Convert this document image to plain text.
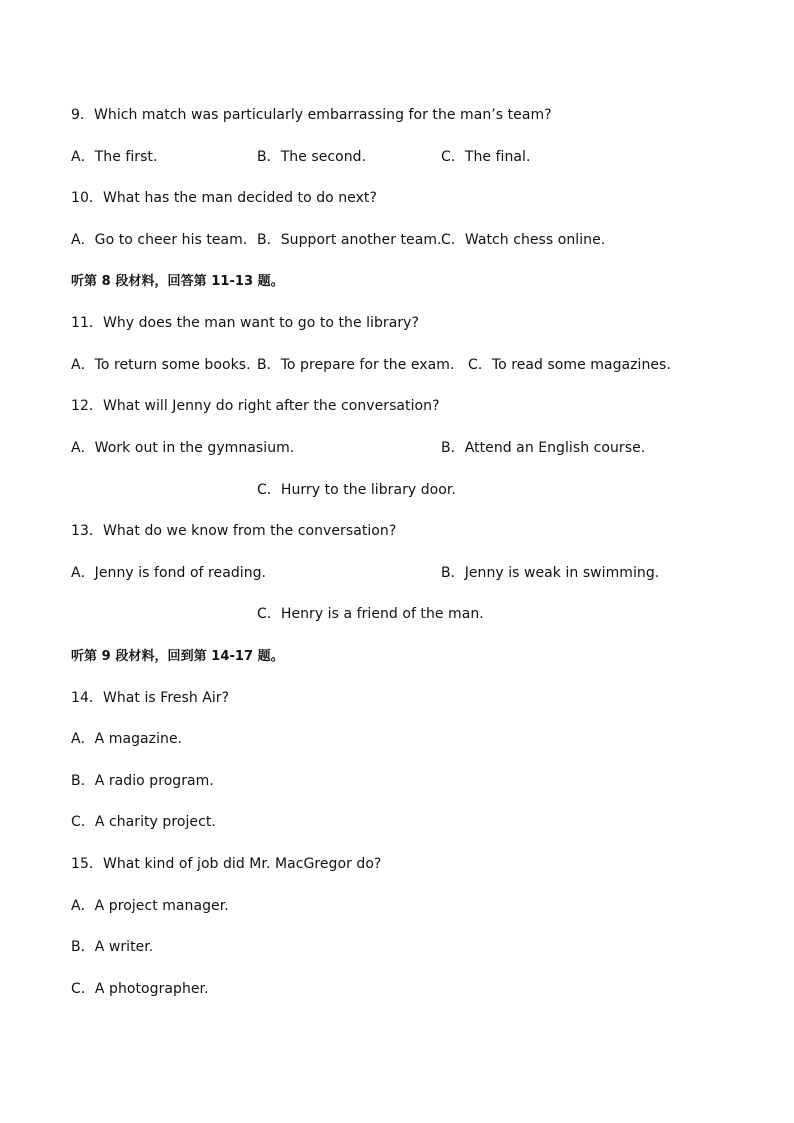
9．Which match was particularly embarrassing for the man’s team?
A．The first.	B．The second.	C．The final.
10．What has the man decided to do next?
A．Go to cheer his team. B．Support another team. C．Watch chess online.
听第 8 段材料，回答第 11-13 题。
11．Why does the man want to go to the library?
A．To return some books. B．To prepare for the exam. C．To read some magazines.
12．What will Jenny do right after the conversation?
A．Work out in the gymnasium.	B．Attend an English course.
C．Hurry to the library door.
13．What do we know from the conversation?
A．Jenny is fond of reading.	B．Jenny is weak in swimming.
C．Henry is a friend of the man.
听第 9 段材料，回到第 14-17 题。
14．What is Fresh Air?
A．A magazine.
B．A radio program.
C．A charity project.
15．What kind of job did Mr. MacGregor do?
A．A project manager.
B．A writer.
C．A photographer.
